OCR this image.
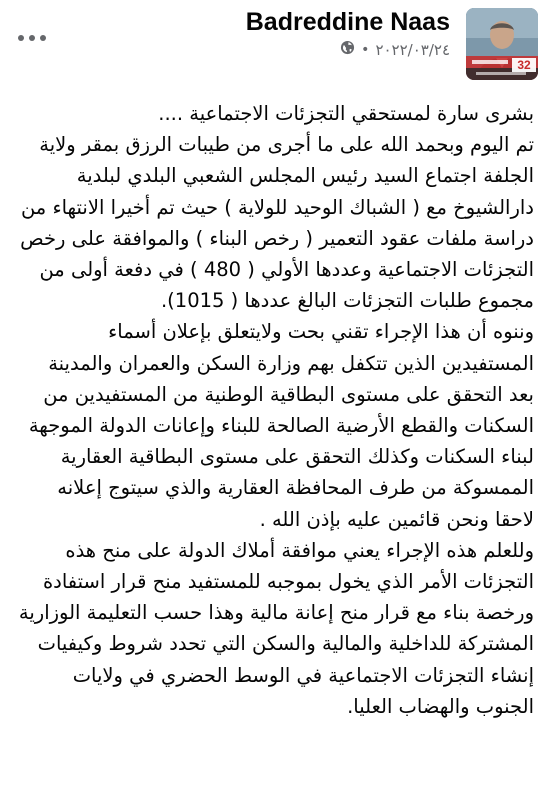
Badreddine Naas
• ٢٠٢٢/٠٣/٢٤
32

بشرى سارة لمستحقي التجزئات الاجتماعية ....

تم اليوم وبحمد الله على ما أجرى من طيبات الرزق بمقر ولاية الجلفة اجتماع السيد رئيس المجلس الشعبي البلدي لبلدية دارالشيوخ مع ( الشباك الوحيد للولاية ) حيث تم أخيرا الانتهاء من دراسة ملفات عقود التعمير ( رخص البناء ) والموافقة على رخص التجزئات الاجتماعية وعددها الأولي ( 480 ) في دفعة أولى من مجموع طلبات التجزئات البالغ عددها ( 1015).

وننوه أن هذا الإجراء تقني بحت ولايتعلق بإعلان أسماء المستفيدين الذين تتكفل بهم وزارة السكن والعمران والمدينة بعد التحقق على مستوى البطاقية الوطنية من المستفيدين من السكنات والقطع الأرضية الصالحة للبناء وإعانات الدولة الموجهة لبناء السكنات وكذلك التحقق على مستوى البطاقية العقارية الممسوكة من طرف المحافظة العقارية والذي سيتوج إعلانه لاحقا ونحن قائمين عليه بإذن الله .

وللعلم هذه الإجراء يعني موافقة أملاك الدولة على منح هذه التجزئات الأمر الذي يخول بموجبه للمستفيد منح قرار استفادة ورخصة بناء مع قرار منح إعانة مالية وهذا حسب التعليمة الوزارية المشتركة للداخلية والمالية والسكن التي تحدد شروط وكيفيات إنشاء التجزئات الاجتماعية في الوسط الحضري في ولايات الجنوب والهضاب العليا.
